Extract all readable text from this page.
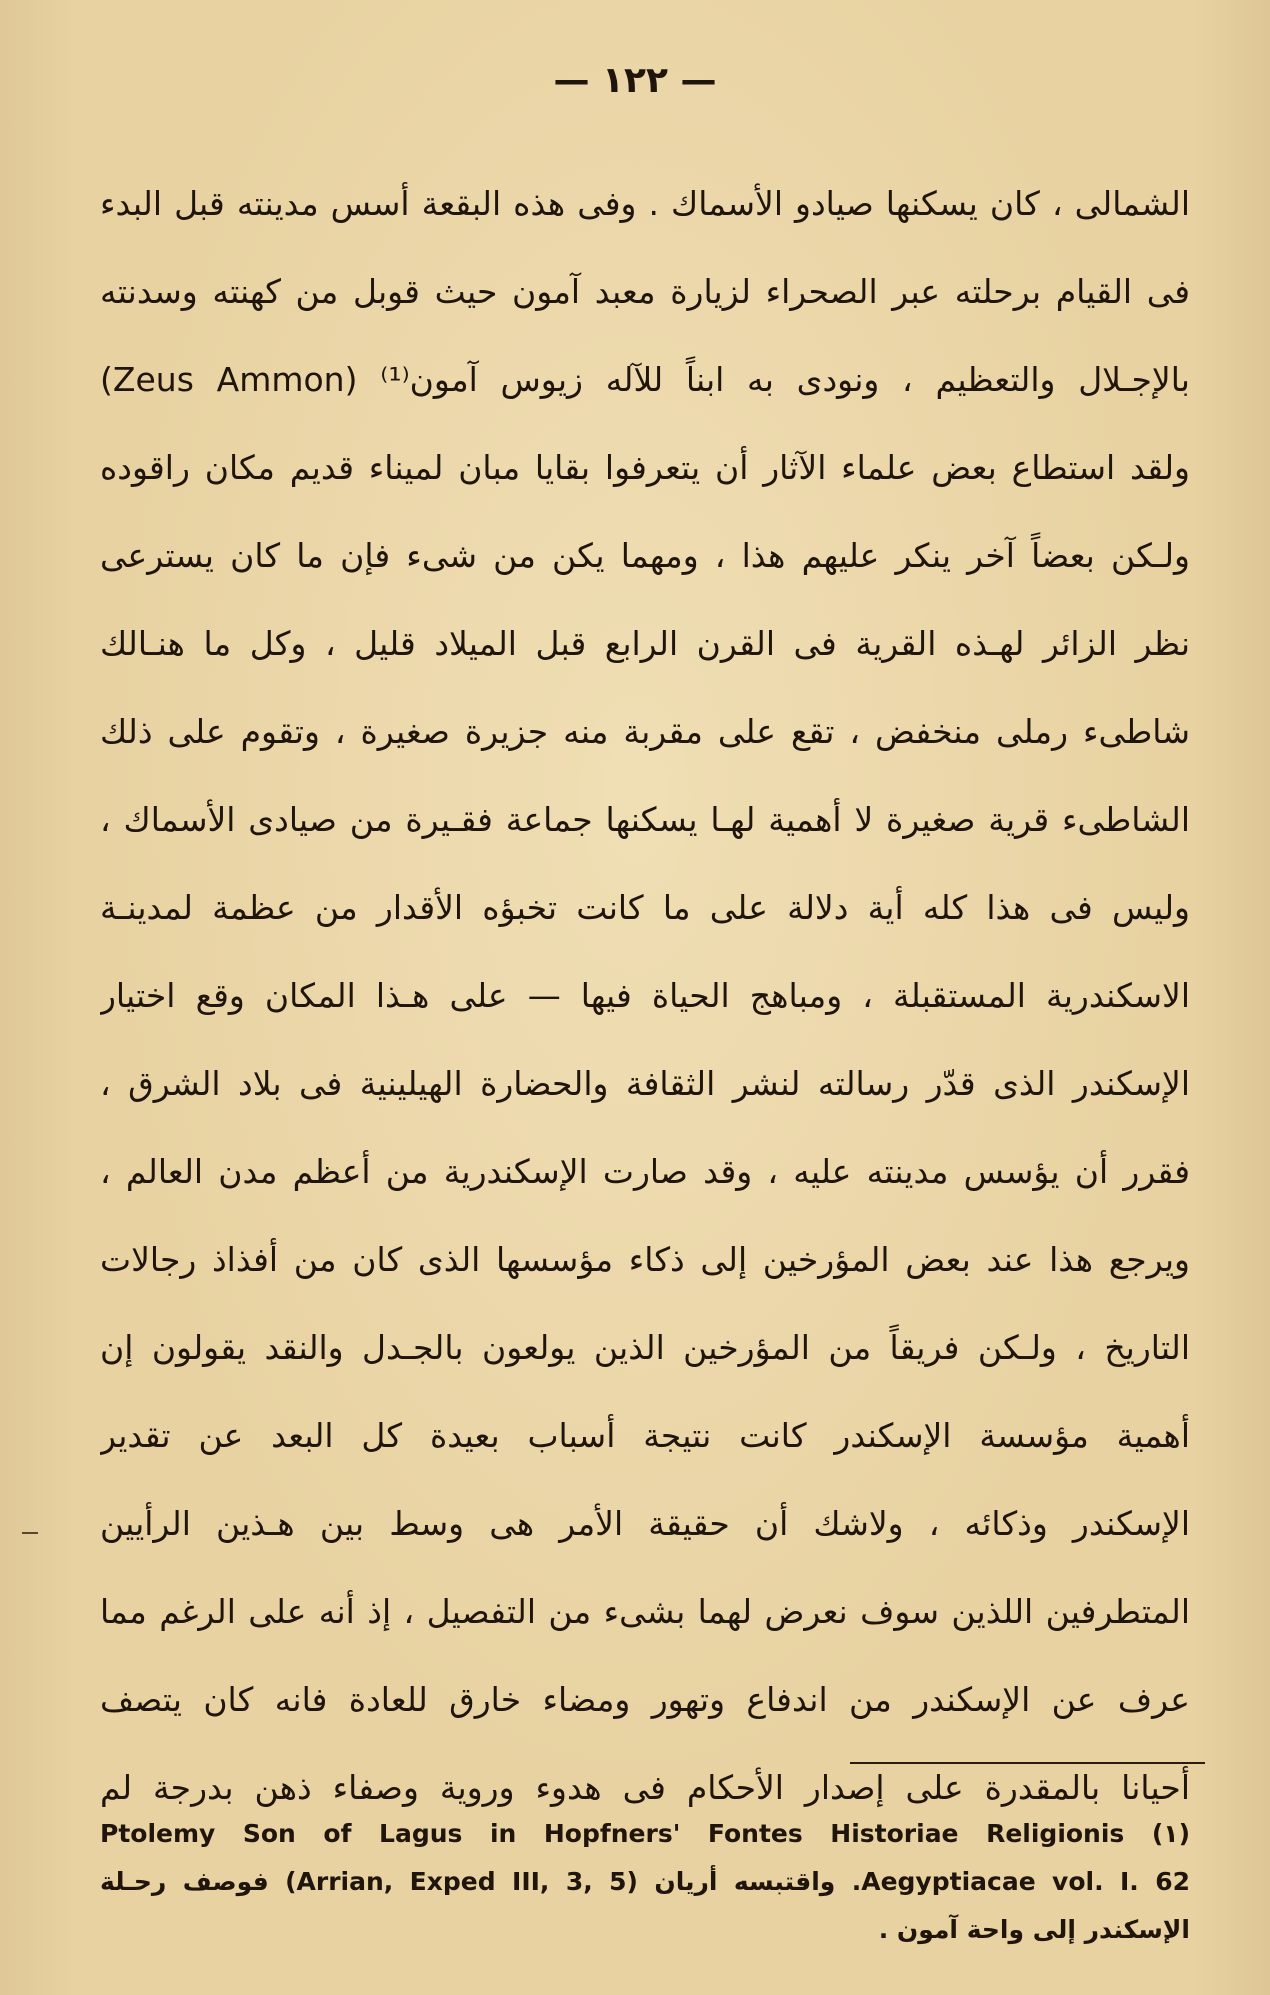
— ١٢٢ —
الشمالى ، كان يسكنها صيادو الأسماك . وفى هذه البقعة أسس مدينته قبل البدء
فى القيام برحلته عبر الصحراء لزيارة معبد آمون حيث قوبل من كهنته وسدنته
بالإجـلال والتعظيم ، ونودى به ابناً للآله زيوس آمون⁽¹⁾ (Zeus Ammon)
ولقد استطاع بعض علماء الآثار أن يتعرفوا بقايا مبان لميناء قديم مكان راقوده
ولـكن بعضاً آخر ينكر عليهم هذا ، ومهما يكن من شىء فإن ما كان يسترعى
نظر الزائر لهـذه القرية فى القرن الرابع قبل الميلاد قليل ، وكل ما هنـالك
شاطىء رملى منخفض ، تقع على مقربة منه جزيرة صغيرة ، وتقوم على ذلك
الشاطىء قرية صغيرة لا أهمية لهـا يسكنها جماعة فقـيرة من صيادى الأسماك ،
وليس فى هذا كله أية دلالة على ما كانت تخبؤه الأقدار من عظمة لمدينـة
الاسكندرية المستقبلة ، ومباهج الحياة فيها — على هـذا المكان وقع اختيار
الإسكندر الذى قدّر رسالته لنشر الثقافة والحضارة الهيلينية فى بلاد الشرق ،
فقرر أن يؤسس مدينته عليه ، وقد صارت الإسكندرية من أعظم مدن العالم ،
ويرجع هذا عند بعض المؤرخين إلى ذكاء مؤسسها الذى كان من أفذاذ رجالات
التاريخ ، ولـكن فريقاً من المؤرخين الذين يولعون بالجـدل والنقد يقولون إن
أهمية مؤسسة الإسكندر كانت نتيجة أسباب بعيدة كل البعد عن تقدير
الإسكندر وذكائه ، ولاشك أن حقيقة الأمر هى وسط بين هـذين الرأيين
المتطرفين اللذين سوف نعرض لهما بشىء من التفصيل ، إذ أنه على الرغم مما
عرف عن الإسكندر من اندفاع وتهور ومضاء خارق للعادة فانه كان يتصف
أحيانا بالمقدرة على إصدار الأحكام فى هدوء وروية وصفاء ذهن بدرجة لم
Ptolemy Son of Lagus in Hopfners' Fontes Historiae Religionis (١)
Aegyptiacae vol. I. 62. واقتبسه أريان (Arrian, Exped III, 3, 5) فوصف رحـلة
الإسكندر إلى واحة آمون .
